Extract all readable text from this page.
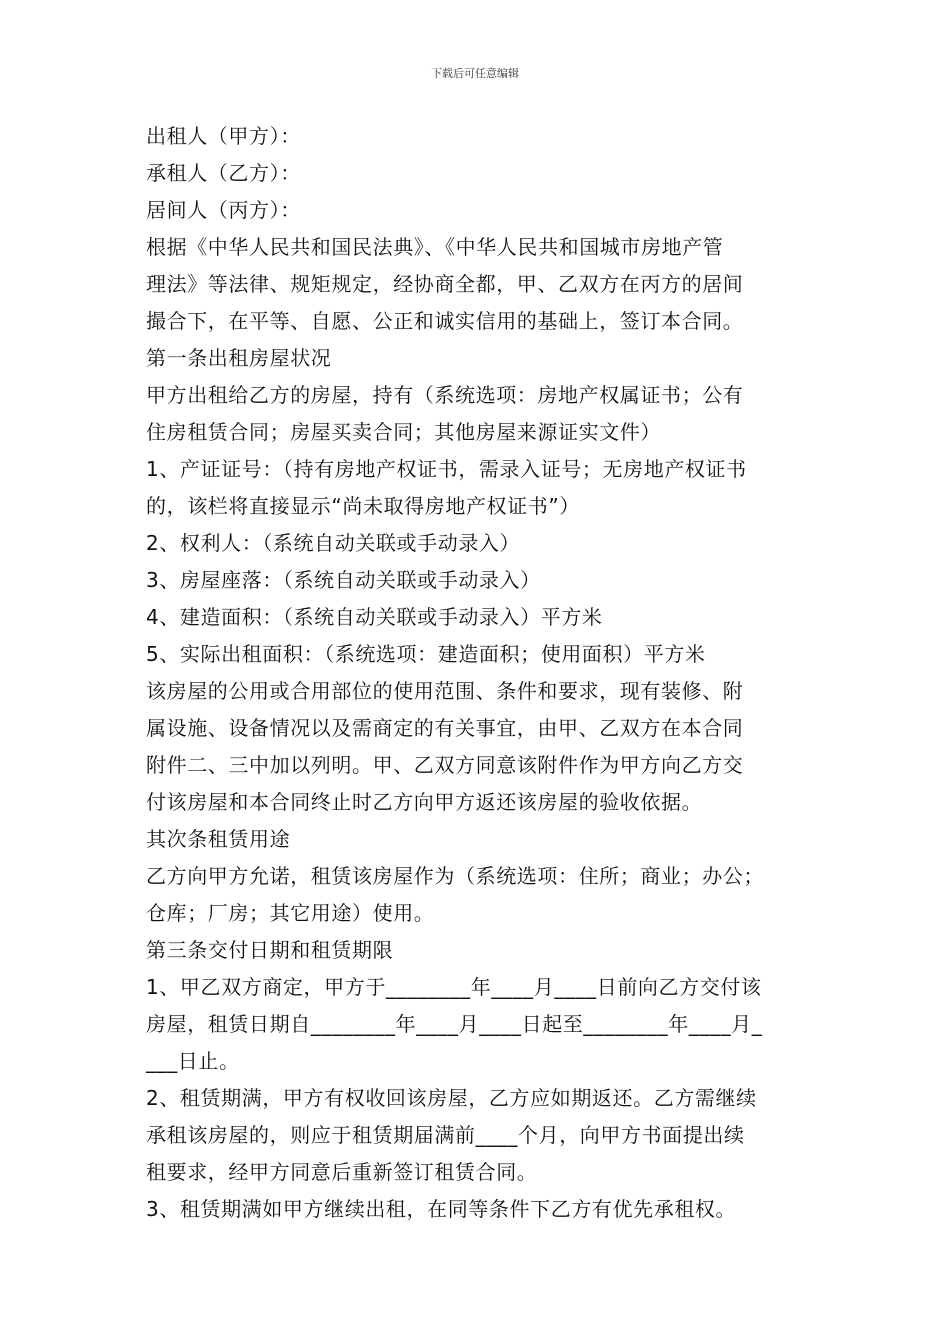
下载后可任意编辑
出租人（甲方）：
承租人（乙方）：
居间人（丙方）：
根据《中华人民共和国民法典》、《中华人民共和国城市房地产管
理法》等法律、规矩规定，经协商全都，甲、乙双方在丙方的居间
撮合下，在平等、自愿、公正和诚实信用的基础上，签订本合同。
第一条出租房屋状况
甲方出租给乙方的房屋，持有（系统选项：房地产权属证书；公有
住房租赁合同；房屋买卖合同；其他房屋来源证实文件）
1、产证证号：（持有房地产权证书，需录入证号；无房地产权证书
的，该栏将直接显示“尚未取得房地产权证书”）
2、权利人：（系统自动关联或手动录入）
3、房屋座落：（系统自动关联或手动录入）
4、建造面积：（系统自动关联或手动录入）平方米
5、实际出租面积：（系统选项：建造面积；使用面积）平方米
该房屋的公用或合用部位的使用范围、条件和要求，现有装修、附
属设施、设备情况以及需商定的有关事宜，由甲、乙双方在本合同
附件二、三中加以列明。甲、乙双方同意该附件作为甲方向乙方交
付该房屋和本合同终止时乙方向甲方返还该房屋的验收依据。
其次条租赁用途
乙方向甲方允诺，租赁该房屋作为（系统选项：住所；商业；办公；
仓库；厂房；其它用途）使用。
第三条交付日期和租赁期限
1、甲乙双方商定，甲方于________年____月____日前向乙方交付该
房屋，租赁日期自________年____月____日起至________年____月_
___日止。
2、租赁期满，甲方有权收回该房屋，乙方应如期返还。乙方需继续
承租该房屋的，则应于租赁期届满前____个月，向甲方书面提出续
租要求，经甲方同意后重新签订租赁合同。
3、租赁期满如甲方继续出租，在同等条件下乙方有优先承租权。
